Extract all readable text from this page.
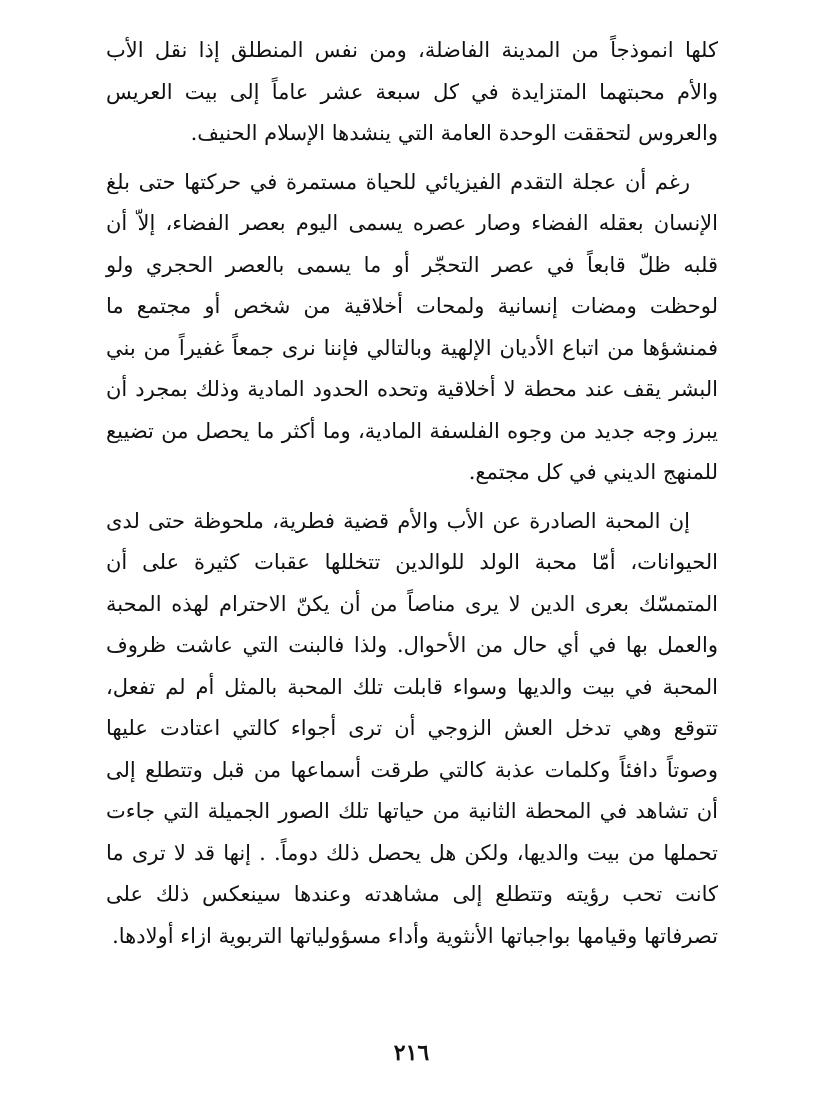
كلها انموذجاً من المدينة الفاضلة، ومن نفس المنطلق إذا نقل الأب والأم محبتهما المتزايدة في كل سبعة عشر عاماً إلى بيت العريس والعروس لتحققت الوحدة العامة التي ينشدها الإسلام الحنيف.

رغم أن عجلة التقدم الفيزيائي للحياة مستمرة في حركتها حتى بلغ الإنسان بعقله الفضاء وصار عصره يسمى اليوم بعصر الفضاء، إلاّ أن قلبه ظلّ قابعاً في عصر التحجّر أو ما يسمى بالعصر الحجري ولو لوحظت ومضات إنسانية ولمحات أخلاقية من شخص أو مجتمع ما فمنشؤها من اتباع الأديان الإلهية وبالتالي فإننا نرى جمعاً غفيراً من بني البشر يقف عند محطة لا أخلاقية وتحده الحدود المادية وذلك بمجرد أن يبرز وجه جديد من وجوه الفلسفة المادية، وما أكثر ما يحصل من تضييع للمنهج الديني في كل مجتمع.

إن المحبة الصادرة عن الأب والأم قضية فطرية، ملحوظة حتى لدى الحيوانات، أمّا محبة الولد للوالدين تتخللها عقبات كثيرة على أن المتمسّك بعرى الدين لا يرى مناصاً من أن يكنّ الاحترام لهذه المحبة والعمل بها في أي حال من الأحوال. ولذا فالبنت التي عاشت ظروف المحبة في بيت والديها وسواء قابلت تلك المحبة بالمثل أم لم تفعل، تتوقع وهي تدخل العش الزوجي أن ترى أجواء كالتي اعتادت عليها وصوتاً دافئاً وكلمات عذبة كالتي طرقت أسماعها من قبل وتتطلع إلى أن تشاهد في المحطة الثانية من حياتها تلك الصور الجميلة التي جاءت تحملها من بيت والديها، ولكن هل يحصل ذلك دوماً. . إنها قد لا ترى ما كانت تحب رؤيته وتتطلع إلى مشاهدته وعندها سينعكس ذلك على تصرفاتها وقيامها بواجباتها الأنثوية وأداء مسؤولياتها التربوية ازاء أولادها.

٢١٦
